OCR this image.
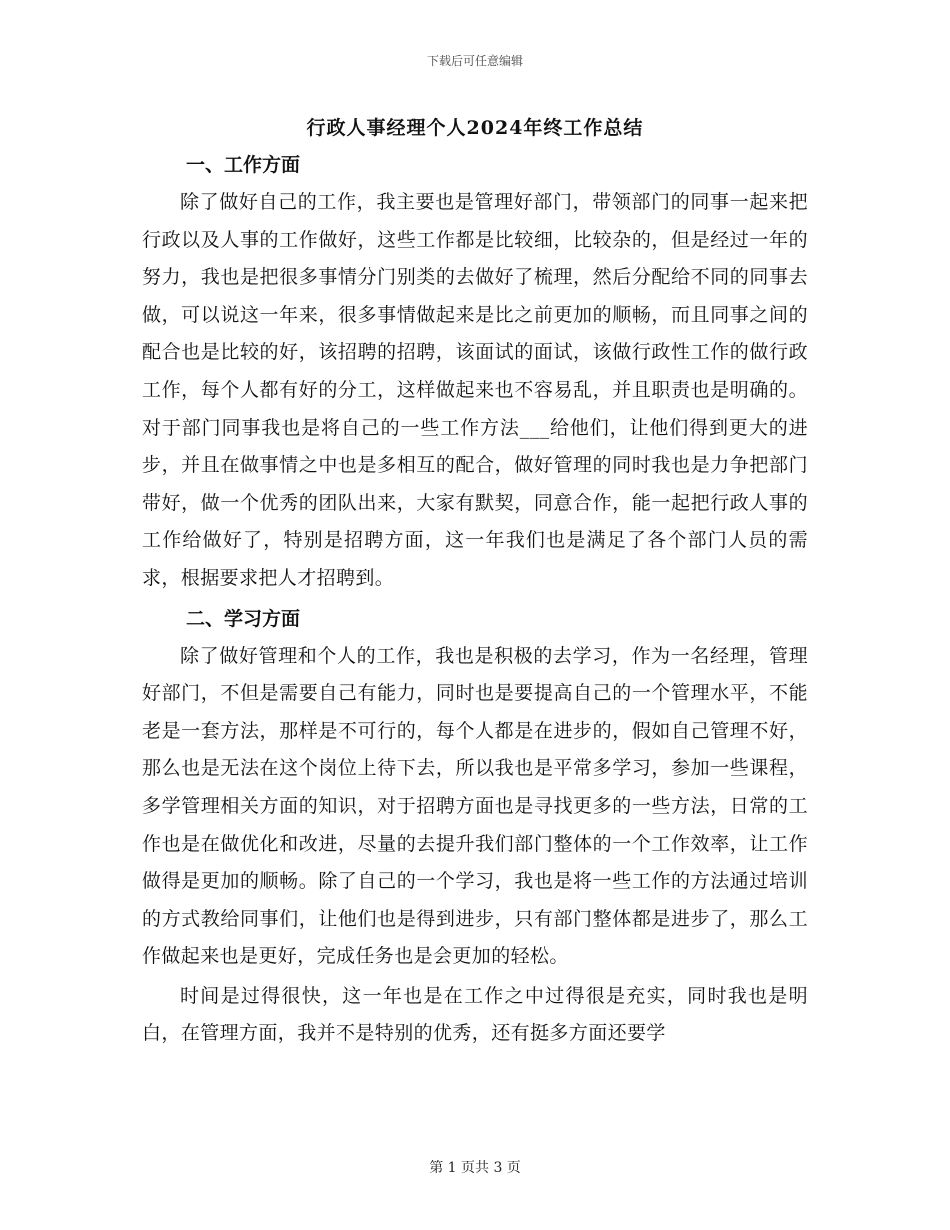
下载后可任意编辑
行政人事经理个人2024年终工作总结
一、工作方面

除了做好自己的工作，我主要也是管理好部门，带领部门的同事一起来把行政以及人事的工作做好，这些工作都是比较细，比较杂的，但是经过一年的努力，我也是把很多事情分门别类的去做好了梳理，然后分配给不同的同事去做，可以说这一年来，很多事情做起来是比之前更加的顺畅，而且同事之间的配合也是比较的好，该招聘的招聘，该面试的面试，该做行政性工作的做行政工作，每个人都有好的分工，这样做起来也不容易乱，并且职责也是明确的。对于部门同事我也是将自己的一些工作方法___给他们，让他们得到更大的进步，并且在做事情之中也是多相互的配合，做好管理的同时我也是力争把部门带好，做一个优秀的团队出来，大家有默契，同意合作，能一起把行政人事的工作给做好了，特别是招聘方面，这一年我们也是满足了各个部门人员的需求，根据要求把人才招聘到。

二、学习方面

除了做好管理和个人的工作，我也是积极的去学习，作为一名经理，管理好部门，不但是需要自己有能力，同时也是要提高自己的一个管理水平，不能老是一套方法，那样是不可行的，每个人都是在进步的，假如自己管理不好，那么也是无法在这个岗位上待下去，所以我也是平常多学习，参加一些课程，多学管理相关方面的知识，对于招聘方面也是寻找更多的一些方法，日常的工作也是在做优化和改进，尽量的去提升我们部门整体的一个工作效率，让工作做得是更加的顺畅。除了自己的一个学习，我也是将一些工作的方法通过培训的方式教给同事们，让他们也是得到进步，只有部门整体都是进步了，那么工作做起来也是更好，完成任务也是会更加的轻松。

时间是过得很快，这一年也是在工作之中过得很是充实，同时我也是明白，在管理方面，我并不是特别的优秀，还有挺多方面还要学

第 1 页共 3 页
